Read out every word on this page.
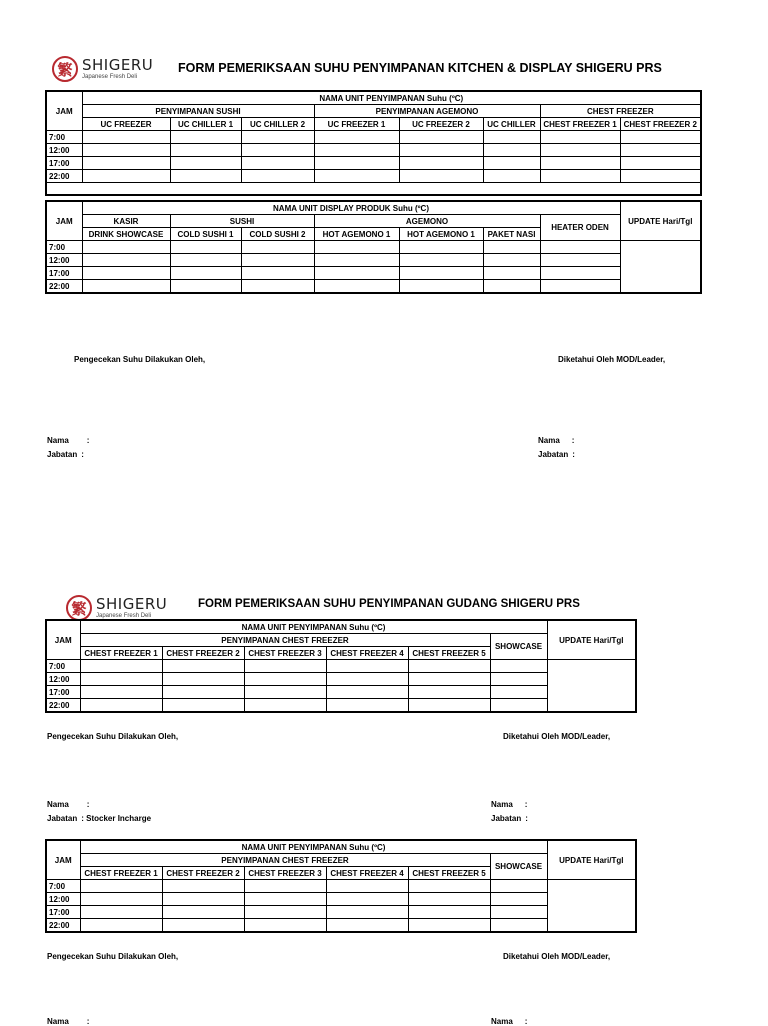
繁 SHIGERU
Japanese Fresh Deli
FORM PEMERIKSAAN SUHU PENYIMPANAN KITCHEN & DISPLAY SHIGERU PRS
JAM	NAMA UNIT PENYIMPANAN Suhu (ºC)							
	PENYIMPANAN SUSHI			PENYIMPANAN AGEMONO			CHEST FREEZER	
	UC FREEZER	UC CHILLER 1	UC CHILLER 2	UC FREEZER 1	UC FREEZER 2	UC CHILLER	CHEST FREEZER 1	CHEST FREEZER 2
7:00								
12:00								
17:00								
22:00								

JAM	NAMA UNIT DISPLAY PRODUK Suhu (ºC)							UPDATE Hari/Tgl
	KASIR	SUSHI		AGEMONO			HEATER ODEN	
	DRINK SHOWCASE	COLD SUSHI 1	COLD SUSHI 2	HOT AGEMONO 1	HOT AGEMONO 1	PAKET NASI		
7:00								
12:00								
17:00								
22:00								
Pengecekan Suhu Dilakukan Oleh,	Diketahui Oleh MOD/Leader,
Nama :
Jabatan :
Nama :
Jabatan :
繁 SHIGERU
Japanese Fresh Deli
FORM PEMERIKSAAN SUHU PENYIMPANAN GUDANG SHIGERU PRS
JAM	NAMA UNIT PENYIMPANAN Suhu (ºC)						UPDATE Hari/Tgl
	PENYIMPANAN CHEST FREEZER					SHOWCASE	
	CHEST FREEZER 1	CHEST FREEZER 2	CHEST FREEZER 3	CHEST FREEZER 4	CHEST FREEZER 5		
7:00							
12:00							
17:00							
22:00							
Pengecekan Suhu Dilakukan Oleh,	Diketahui Oleh MOD/Leader,
Nama :
Jabatan : Stocker Incharge
Nama :
Jabatan :
JAM	NAMA UNIT PENYIMPANAN Suhu (ºC)						UPDATE Hari/Tgl
	PENYIMPANAN CHEST FREEZER					SHOWCASE	
	CHEST FREEZER 1	CHEST FREEZER 2	CHEST FREEZER 3	CHEST FREEZER 4	CHEST FREEZER 5		
7:00							
12:00							
17:00							
22:00							
Pengecekan Suhu Dilakukan Oleh,	Diketahui Oleh MOD/Leader,
Nama :	Nama :
